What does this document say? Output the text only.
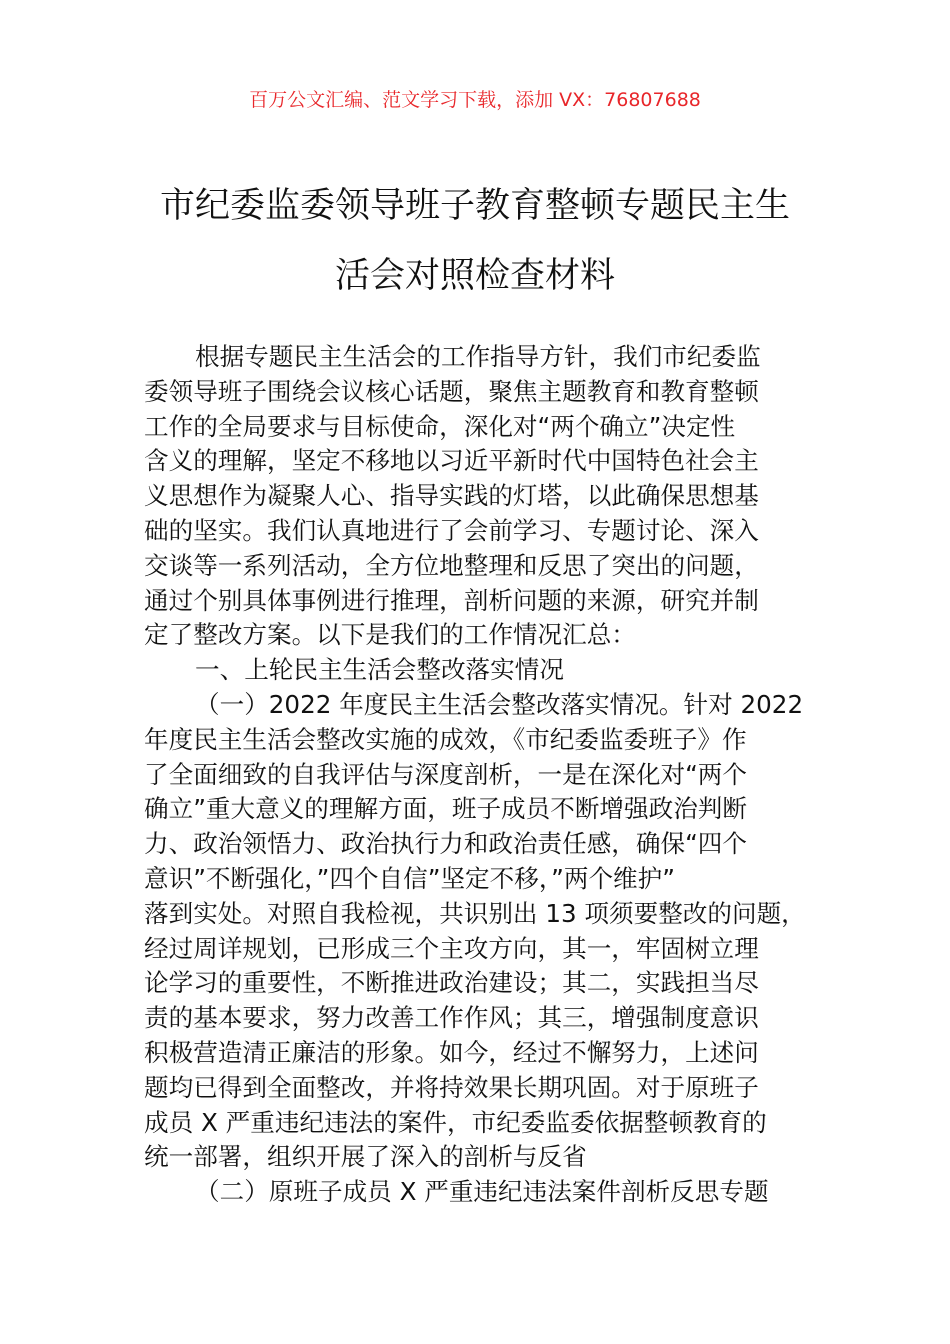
百万公文汇编、范文学习下载，添加 VX：76807688
市纪委监委领导班子教育整顿专题民主生
活会对照检查材料
根据专题民主生活会的工作指导方针，我们市纪委监
委领导班子围绕会议核心话题，聚焦主题教育和教育整顿
工作的全局要求与目标使命，深化对“两个确立”决定性
含义的理解，坚定不移地以习近平新时代中国特色社会主
义思想作为凝聚人心、指导实践的灯塔，以此确保思想基
础的坚实。我们认真地进行了会前学习、专题讨论、深入
交谈等一系列活动，全方位地整理和反思了突出的问题，
通过个别具体事例进行推理，剖析问题的来源，研究并制
定了整改方案。以下是我们的工作情况汇总：
一、上轮民主生活会整改落实情况
（一）2022 年度民主生活会整改落实情况。针对 2022
年度民主生活会整改实施的成效，《市纪委监委班子》作
了全面细致的自我评估与深度剖析，一是在深化对“两个
确立”重大意义的理解方面，班子成员不断增强政治判断
力、政治领悟力、政治执行力和政治责任感，确保“四个
意识”不断强化，”四个自信”坚定不移，”两个维护”
落到实处。对照自我检视，共识别出 13 项须要整改的问题，
经过周详规划，已形成三个主攻方向，其一，牢固树立理
论学习的重要性，不断推进政治建设；其二，实践担当尽
责的基本要求，努力改善工作作风；其三，增强制度意识
积极营造清正廉洁的形象。如今，经过不懈努力，上述问
题均已得到全面整改，并将持效果长期巩固。对于原班子
成员 X 严重违纪违法的案件，市纪委监委依据整顿教育的
统一部署，组织开展了深入的剖析与反省
（二）原班子成员 X 严重违纪违法案件剖析反思专题
